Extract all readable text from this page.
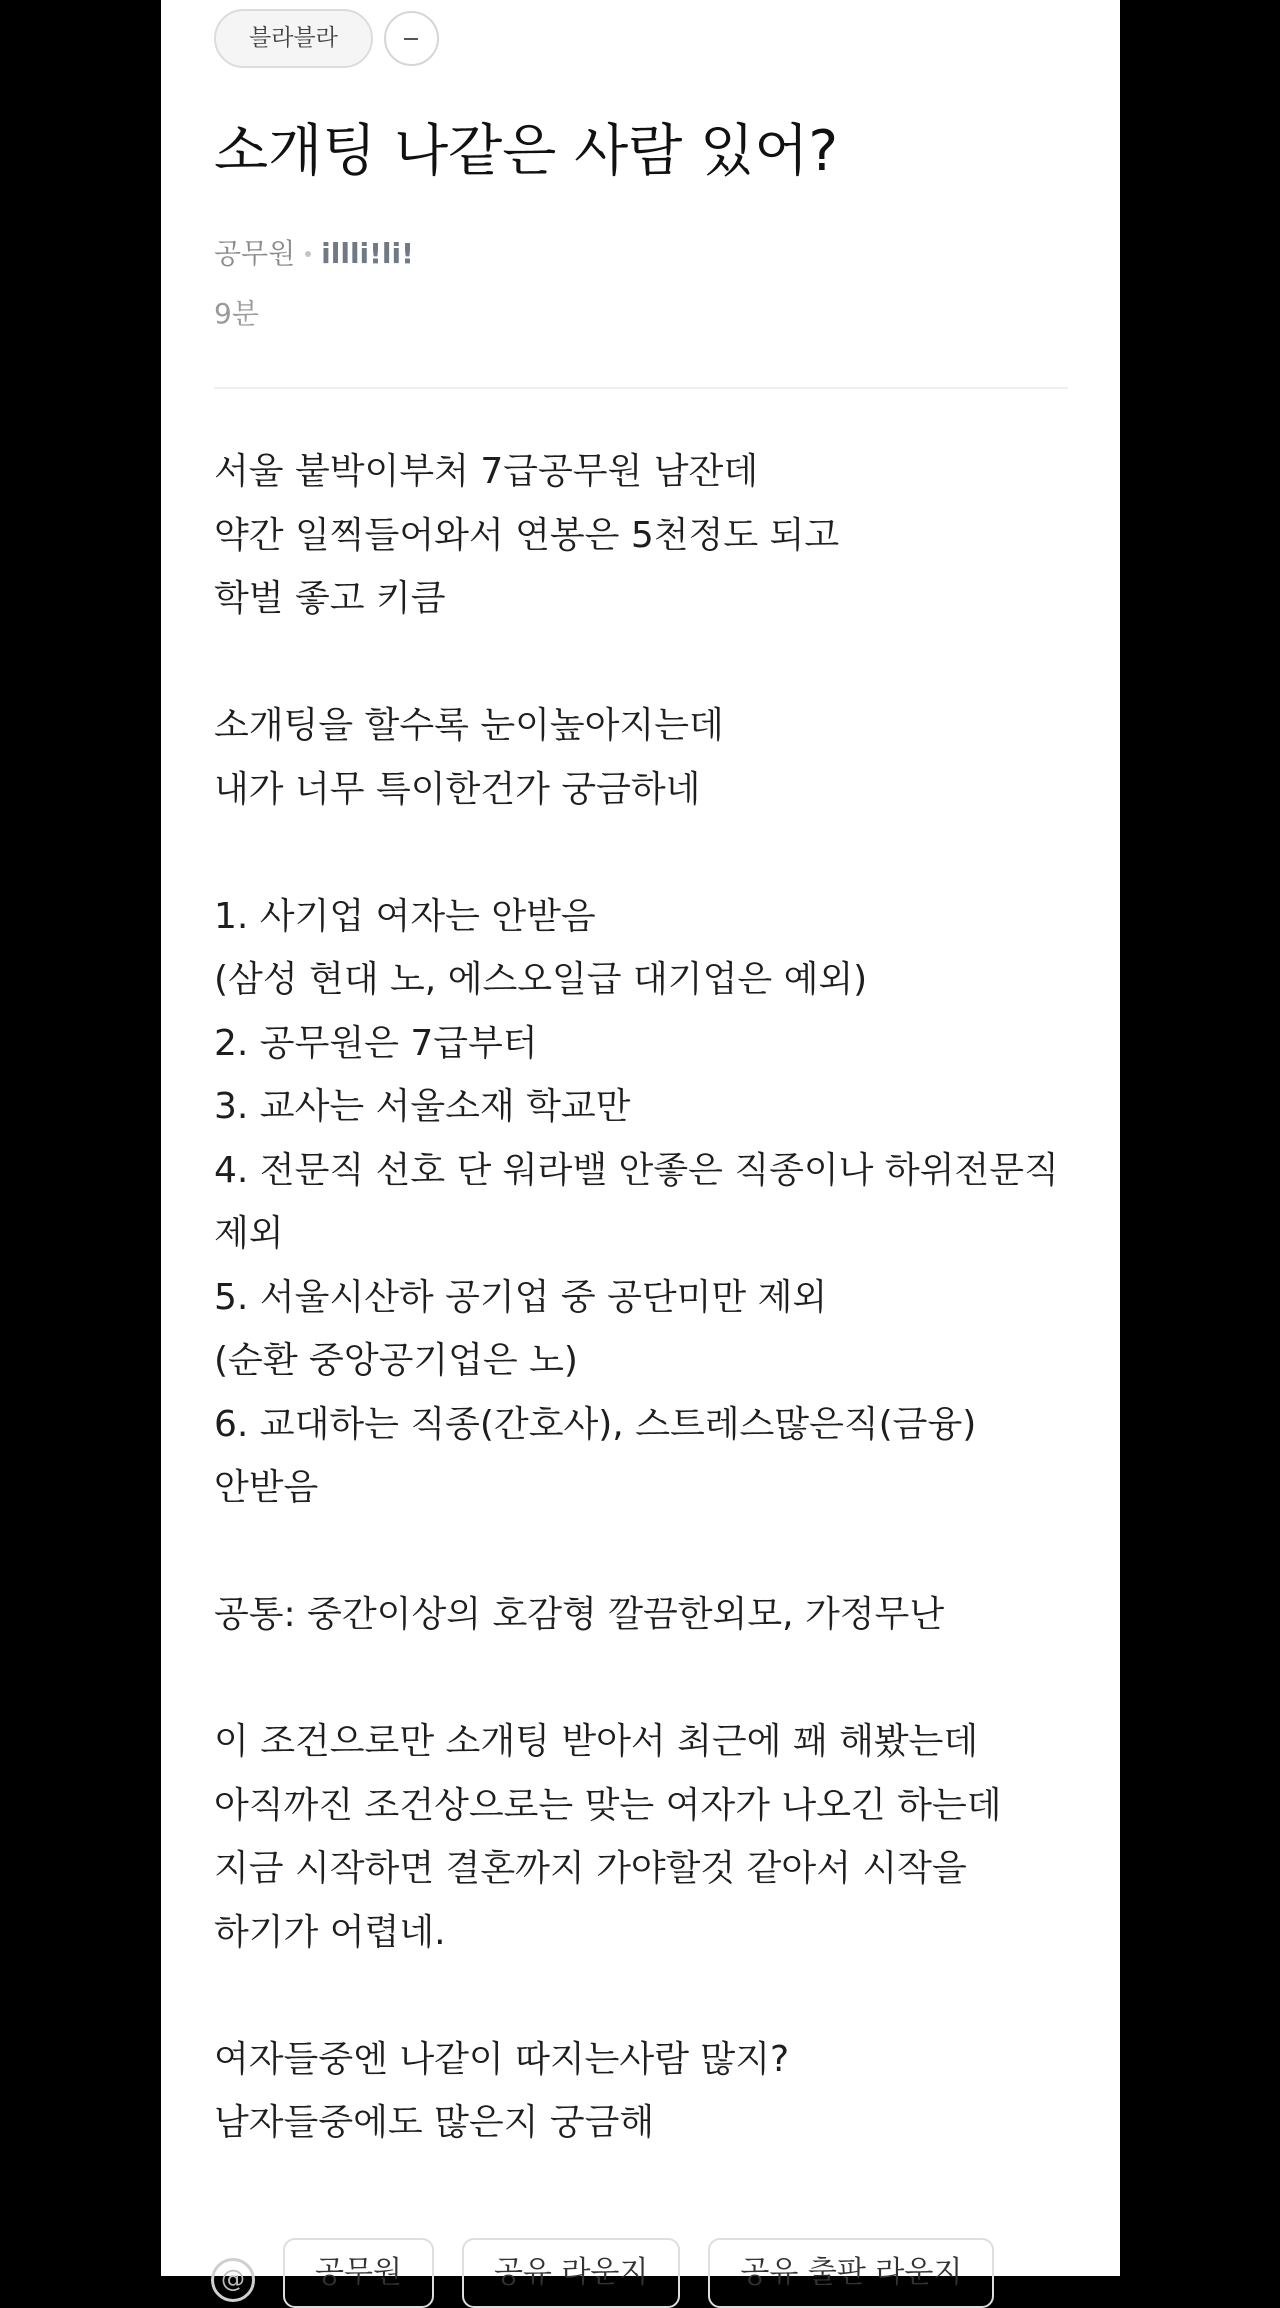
블라블라
소개팅 나같은 사람 있어?
공무원 illli!li!
9분
서울 붙박이부처 7급공무원 남잔데
약간 일찍들어와서 연봉은 5천정도 되고
학벌 좋고 키큼
소개팅을 할수록 눈이높아지는데
내가 너무 특이한건가 궁금하네
1. 사기업 여자는 안받음
(삼성 현대 노, 에스오일급 대기업은 예외)
2. 공무원은 7급부터
3. 교사는 서울소재 학교만
4. 전문직 선호 단 워라밸 안좋은 직종이나 하위전문직
제외
5. 서울시산하 공기업 중 공단미만 제외
(순환 중앙공기업은 노)
6. 교대하는 직종(간호사), 스트레스많은직(금융)
안받음
공통: 중간이상의 호감형 깔끔한외모, 가정무난
이 조건으로만 소개팅 받아서 최근에 꽤 해봤는데
아직까진 조건상으로는 맞는 여자가 나오긴 하는데
지금 시작하면 결혼까지 가야할것 같아서 시작을
하기가 어렵네.
여자들중엔 나같이 따지는사람 많지?
남자들중에도 많은지 궁금해
@	공무원	공유 라운지	공유 출판 라운지
